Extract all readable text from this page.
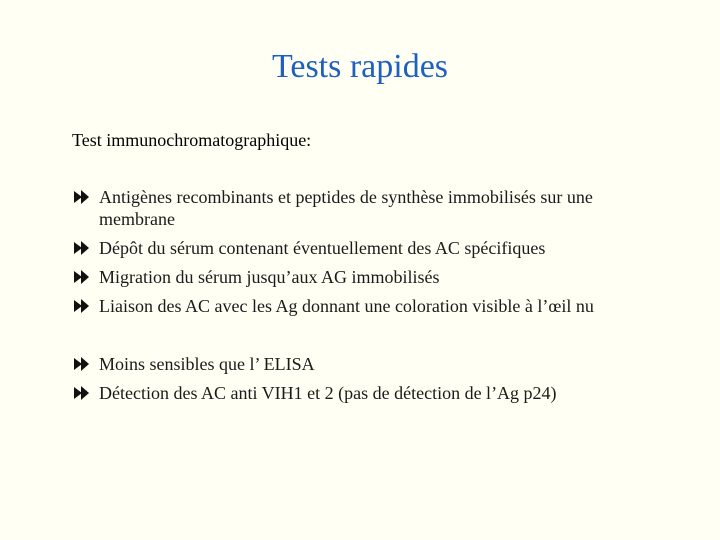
Tests rapides
Test immunochromatographique:
Antigènes recombinants et peptides de synthèse immobilisés sur une membrane
Dépôt du sérum contenant éventuellement des AC spécifiques
Migration du sérum jusqu’aux AG immobilisés
Liaison des AC avec les Ag donnant une coloration visible à l’œil nu
Moins sensibles que l’ ELISA
Détection des AC anti VIH1 et 2 (pas de détection de l’Ag p24)
